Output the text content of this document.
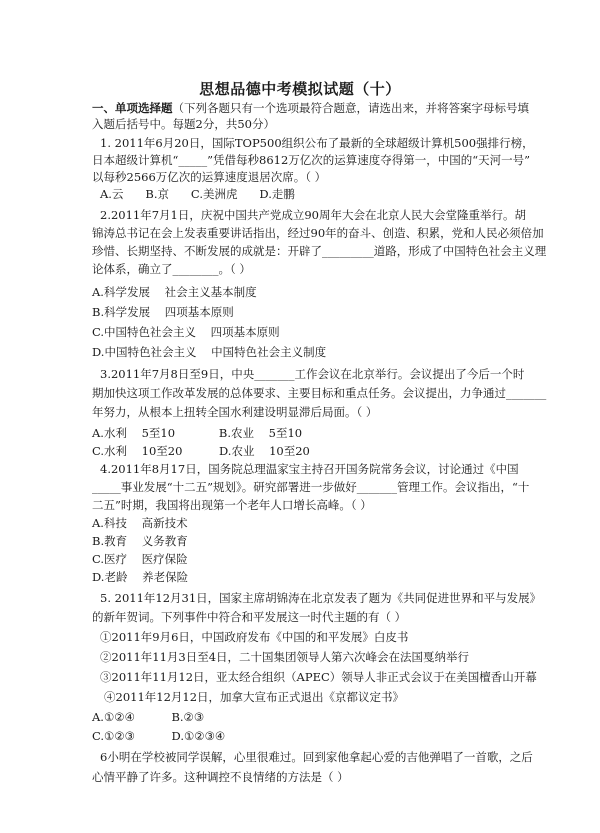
思想品德中考模拟试题（十）
一、单项选择题（下列各题只有一个选项最符合题意，请选出来，并将答案字母标号填
入题后括号中。每题2分，共50分）
1. 2011年6月20日，国际TOP500组织公布了最新的全球超级计算机500强排行榜，
日本超级计算机“_____”凭借每秒8612万亿次的运算速度夺得第一，中国的“天河一号”
以每秒2566万亿次的运算速度退居次席。（ ）
A.云      B.京      C.美洲虎      D.走鹏
2.2011年7月1日，庆祝中国共产党成立90周年大会在北京人民大会堂隆重举行。胡
锦涛总书记在会上发表重要讲话指出，经过90年的奋斗、创造、积累，党和人民必须倍加
珍惜、长期坚持、不断发展的成就是：开辟了_________道路，形成了中国特色社会主义理
论体系，确立了________。（ ）
A.科学发展    社会主义基本制度
B.科学发展    四项基本原则
C.中国特色社会主义    四项基本原则
D.中国特色社会主义    中国特色社会主义制度
3.2011年7月8日至9日，中央_______工作会议在北京举行。会议提出了今后一个时
期加快这项工作改革发展的总体要求、主要目标和重点任务。会议提出，力争通过_______
年努力，从根本上扭转全国水利建设明显滞后局面。（ ）
A.水利    5至10            B.农业    5至10
C.水利    10至20          D.农业    10至20
4.2011年8月17日，国务院总理温家宝主持召开国务院常务会议，讨论通过《中国
_____事业发展“十二五”规划》。研究部署进一步做好_______管理工作。会议指出，“十
二五”时期，我国将出现第一个老年人口增长高峰。（ ）
A.科技    高新技术
B.教育    义务教育
C.医疗    医疗保险
D.老龄    养老保险
5. 2011年12月31日，国家主席胡锦涛在北京发表了题为《共同促进世界和平与发展》
的新年贺词。下列事件中符合和平发展这一时代主题的有（ ）
①2011年9月6日，中国政府发布《中国的和平发展》白皮书
②2011年11月3日至4日，二十国集团领导人第六次峰会在法国戛纳举行
③2011年11月12日，亚太经合组织（APEC）领导人非正式会议于在美国檀香山开幕
④2011年12月12日，加拿大宣布正式退出《京都议定书》
A.①②④          B.②③
C.①②③          D.①②③④
6小明在学校被同学误解，心里很难过。回到家他拿起心爱的吉他弹唱了一首歌，之后
心情平静了许多。这种调控不良情绪的方法是（ ）
